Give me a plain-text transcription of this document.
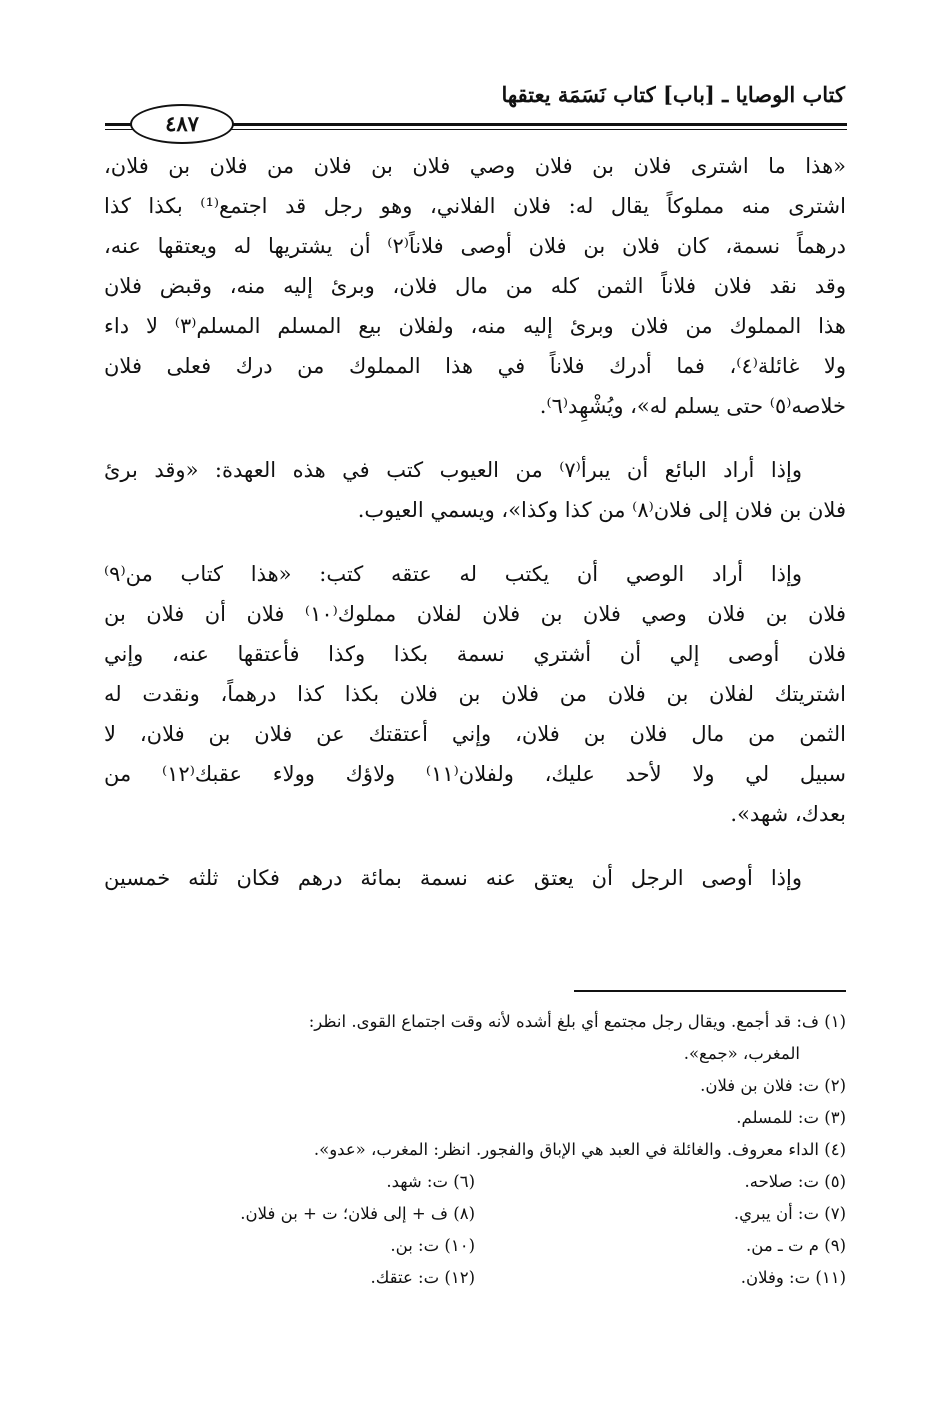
كتاب الوصايا ـ [باب] كتاب نَسَمَة يعتقها
٤٨٧
«هذا ما اشترى فلان بن فلان وصي فلان بن فلان من فلان بن فلان،
اشترى منه مملوكاً يقال له: فلان الفلاني، وهو رجل قد اجتمع⁽¹⁾ بكذا كذا
درهماً نسمة، كان فلان بن فلان أوصى فلاناً⁽٢⁾ أن يشتريها له ويعتقها عنه،
وقد نقد فلان فلاناً الثمن كله من مال فلان، وبرئ إليه منه، وقبض فلان
هذا المملوك من فلان وبرئ إليه منه، ولفلان بيع المسلم المسلم⁽٣⁾ لا داء
ولا غائلة⁽٤⁾، فما أدرك فلاناً في هذا المملوك من درك فعلى فلان
خلاصه⁽٥⁾ حتى يسلم له»، ويُشْهِد⁽٦⁾.
وإذا أراد البائع أن يبرأ⁽٧⁾ من العيوب كتب في هذه العهدة: «وقد برئ
فلان بن فلان إلى فلان⁽٨⁾ من كذا وكذا»، ويسمي العيوب.
وإذا أراد الوصي أن يكتب له عتقه كتب: «هذا كتاب من⁽٩⁾
فلان بن فلان وصي فلان بن فلان لفلان مملوك⁽١٠⁾ فلان أن فلان بن
فلان أوصى إلي أن أشتري نسمة بكذا وكذا فأعتقها عنه، وإني
اشتريتك لفلان بن فلان من فلان بن فلان بكذا كذا درهماً، ونقدت له
الثمن من مال فلان بن فلان، وإني أعتقتك عن فلان بن فلان، لا
سبيل لي ولا لأحد عليك، ولفلان⁽١١⁾ ولاؤك وولاء عقبك⁽١٢⁾ من
بعدك، شهد».
وإذا أوصى الرجل أن يعتق عنه نسمة بمائة درهم فكان ثلثه خمسين
(١) ف: قد أجمع. ويقال رجل مجتمع أي بلغ أشده لأنه وقت اجتماع القوى. انظر:
المغرب، «جمع».
(٢) ت: فلان بن فلان.
(٣) ت: للمسلم.
(٤) الداء معروف. والغائلة في العبد هي الإباق والفجور. انظر: المغرب، «عدو».
(٥) ت: صلاحه.
(٦) ت: شهد.
(٧) ت: أن يبري.
(٨) ف + إلى فلان؛ ت + بن فلان.
(٩) م ت ـ من.
(١٠) ت: بن.
(١١) ت: وفلان.
(١٢) ت: عتقك.
